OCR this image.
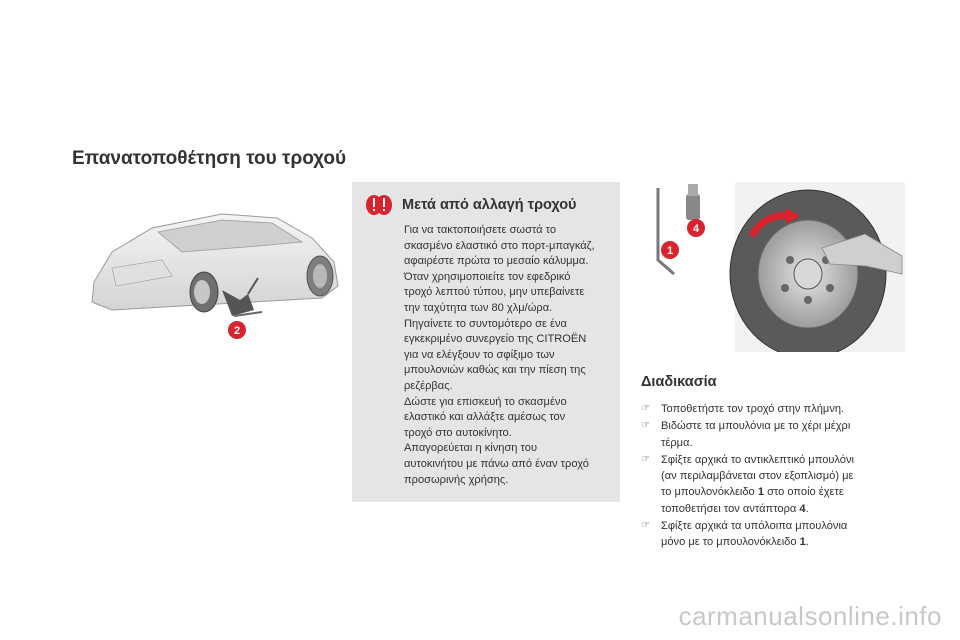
Επανατοποθέτηση του τροχού
2
Μετά από αλλαγή τροχού
Για να τακτοποιήσετε σωστά το
σκασμένο ελαστικό στο πορτ-μπαγκάζ,
αφαιρέστε πρώτα το μεσαίο κάλυμμα.
Όταν χρησιμοποιείτε τον εφεδρικό
τροχό λεπτού τύπου, μην υπεβαίνετε
την ταχύτητα των 80 χλμ/ώρα.
Πηγαίνετε το συντομότερο σε ένα
εγκεκριμένο συνεργείο της CITROËN
για να ελέγξουν το σφίξιμο των
μπουλονιών καθώς και την πίεση της
ρεζέρβας.
Δώστε για επισκευή το σκασμένο
ελαστικό και αλλάξτε αμέσως τον
τροχό στο αυτοκίνητο.
Απαγορεύεται η κίνηση του
αυτοκινήτου με πάνω από έναν τροχό
προσωρινής χρήσης.
1
4
Διαδικασία
☞ Τοποθετήστε τον τροχό στην πλήμνη.
☞ Βιδώστε τα μπουλόνια με το χέρι μέχρι
τέρμα.
☞ Σφίξτε αρχικά το αντικλεπτικό μπουλόνι
(αν περιλαμβάνεται στον εξοπλισμό) με
το μπουλονόκλειδο 1 στο οποίο έχετε
τοποθετήσει τον αντάπτορα 4.
☞ Σφίξτε αρχικά τα υπόλοιπα μπουλόνια
μόνο με το μπουλονόκλειδο 1.
carmanualsonline.info
